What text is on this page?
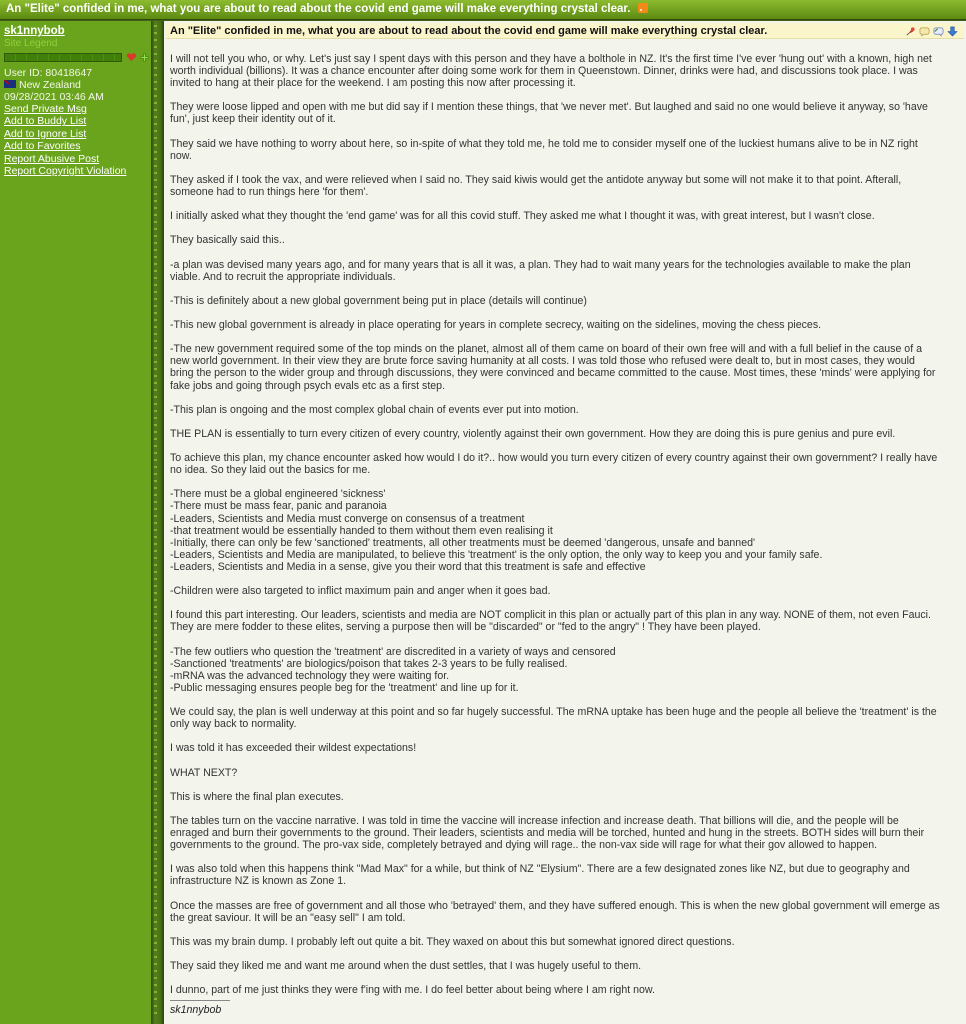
An "Elite" confided in me, what you are about to read about the covid end game will make everything crystal clear.
sk1nnybob
Site Legend
User ID: 80418647
New Zealand
09/28/2021 03:46 AM
Send Private Msg
Add to Buddy List
Add to Ignore List
Add to Favorites
Report Abusive Post
Report Copyright Violation
An "Elite" confided in me, what you are about to read about the covid end game will make everything crystal clear.

I will not tell you who, or why. Let's just say I spent days with this person and they have a bolthole in NZ. It's the first time I've ever 'hung out' with a known, high net worth individual (billions). It was a chance encounter after doing some work for them in Queenstown. Dinner, drinks were had, and discussions took place. I was invited to hang at their place for the weekend. I am posting this now after processing it.

They were loose lipped and open with me but did say if I mention these things, that 'we never met'. But laughed and said no one would believe it anyway, so 'have fun', just keep their identity out of it.

They said we have nothing to worry about here, so in-spite of what they told me, he told me to consider myself one of the luckiest humans alive to be in NZ right now.

They asked if I took the vax, and were relieved when I said no. They said kiwis would get the antidote anyway but some will not make it to that point. Afterall, someone had to run things here 'for them'.

I initially asked what they thought the 'end game' was for all this covid stuff. They asked me what I thought it was, with great interest, but I wasn't close.

They basically said this..

-a plan was devised many years ago, and for many years that is all it was, a plan. They had to wait many years for the technologies available to make the plan viable. And to recruit the appropriate individuals.

-This is definitely about a new global government being put in place (details will continue)

-This new global government is already in place operating for years in complete secrecy, waiting on the sidelines, moving the chess pieces.

-The new government required some of the top minds on the planet, almost all of them came on board of their own free will and with a full belief in the cause of a new world government. In their view they are brute force saving humanity at all costs. I was told those who refused were dealt to, but in most cases, they would bring the person to the wider group and through discussions, they were convinced and became committed to the cause. Most times, these 'minds' were applying for fake jobs and going through psych evals etc as a first step.

-This plan is ongoing and the most complex global chain of events ever put into motion.

THE PLAN is essentially to turn every citizen of every country, violently against their own government. How they are doing this is pure genius and pure evil.

To achieve this plan, my chance encounter asked how would I do it?.. how would you turn every citizen of every country against their own government? I really have no idea. So they laid out the basics for me.

-There must be a global engineered 'sickness'
-There must be mass fear, panic and paranoia
-Leaders, Scientists and Media must converge on consensus of a treatment
-that treatment would be essentially handed to them without them even realising it
-Initially, there can only be few 'sanctioned' treatments, all other treatments must be deemed 'dangerous, unsafe and banned'
-Leaders, Scientists and Media are manipulated, to believe this 'treatment' is the only option, the only way to keep you and your family safe.
-Leaders, Scientists and Media in a sense, give you their word that this treatment is safe and effective

-Children were also targeted to inflict maximum pain and anger when it goes bad.

I found this part interesting. Our leaders, scientists and media are NOT complicit in this plan or actually part of this plan in any way. NONE of them, not even Fauci. They are mere fodder to these elites, serving a purpose then will be "discarded" or "fed to the angry" ! They have been played.

-The few outliers who question the 'treatment' are discredited in a variety of ways and censored
-Sanctioned 'treatments' are biologics/poison that takes 2-3 years to be fully realised.
-mRNA was the advanced technology they were waiting for.
-Public messaging ensures people beg for the 'treatment' and line up for it.

We could say, the plan is well underway at this point and so far hugely successful. The mRNA uptake has been huge and the people all believe the 'treatment' is the only way back to normality.

I was told it has exceeded their wildest expectations!

WHAT NEXT?

This is where the final plan executes.

The tables turn on the vaccine narrative. I was told in time the vaccine will increase infection and increase death. That billions will die, and the people will be enraged and burn their governments to the ground. Their leaders, scientists and media will be torched, hunted and hung in the streets. BOTH sides will burn their governments to the ground. The pro-vax side, completely betrayed and dying will rage.. the non-vax side will rage for what their gov allowed to happen.

I was also told when this happens think "Mad Max" for a while, but think of NZ "Elysium". There are a few designated zones like NZ, but due to geography and infrastructure NZ is known as Zone 1.

Once the masses are free of government and all those who 'betrayed' them, and they have suffered enough. This is when the new global government will emerge as the great saviour. It will be an "easy sell" I am told.

This was my brain dump. I probably left out quite a bit. They waxed on about this but somewhat ignored direct questions.

They said they liked me and want me around when the dust settles, that I was hugely useful to them.

I dunno, part of me just thinks they were f'ing with me. I do feel better about being where I am right now.

sk1nnybob
